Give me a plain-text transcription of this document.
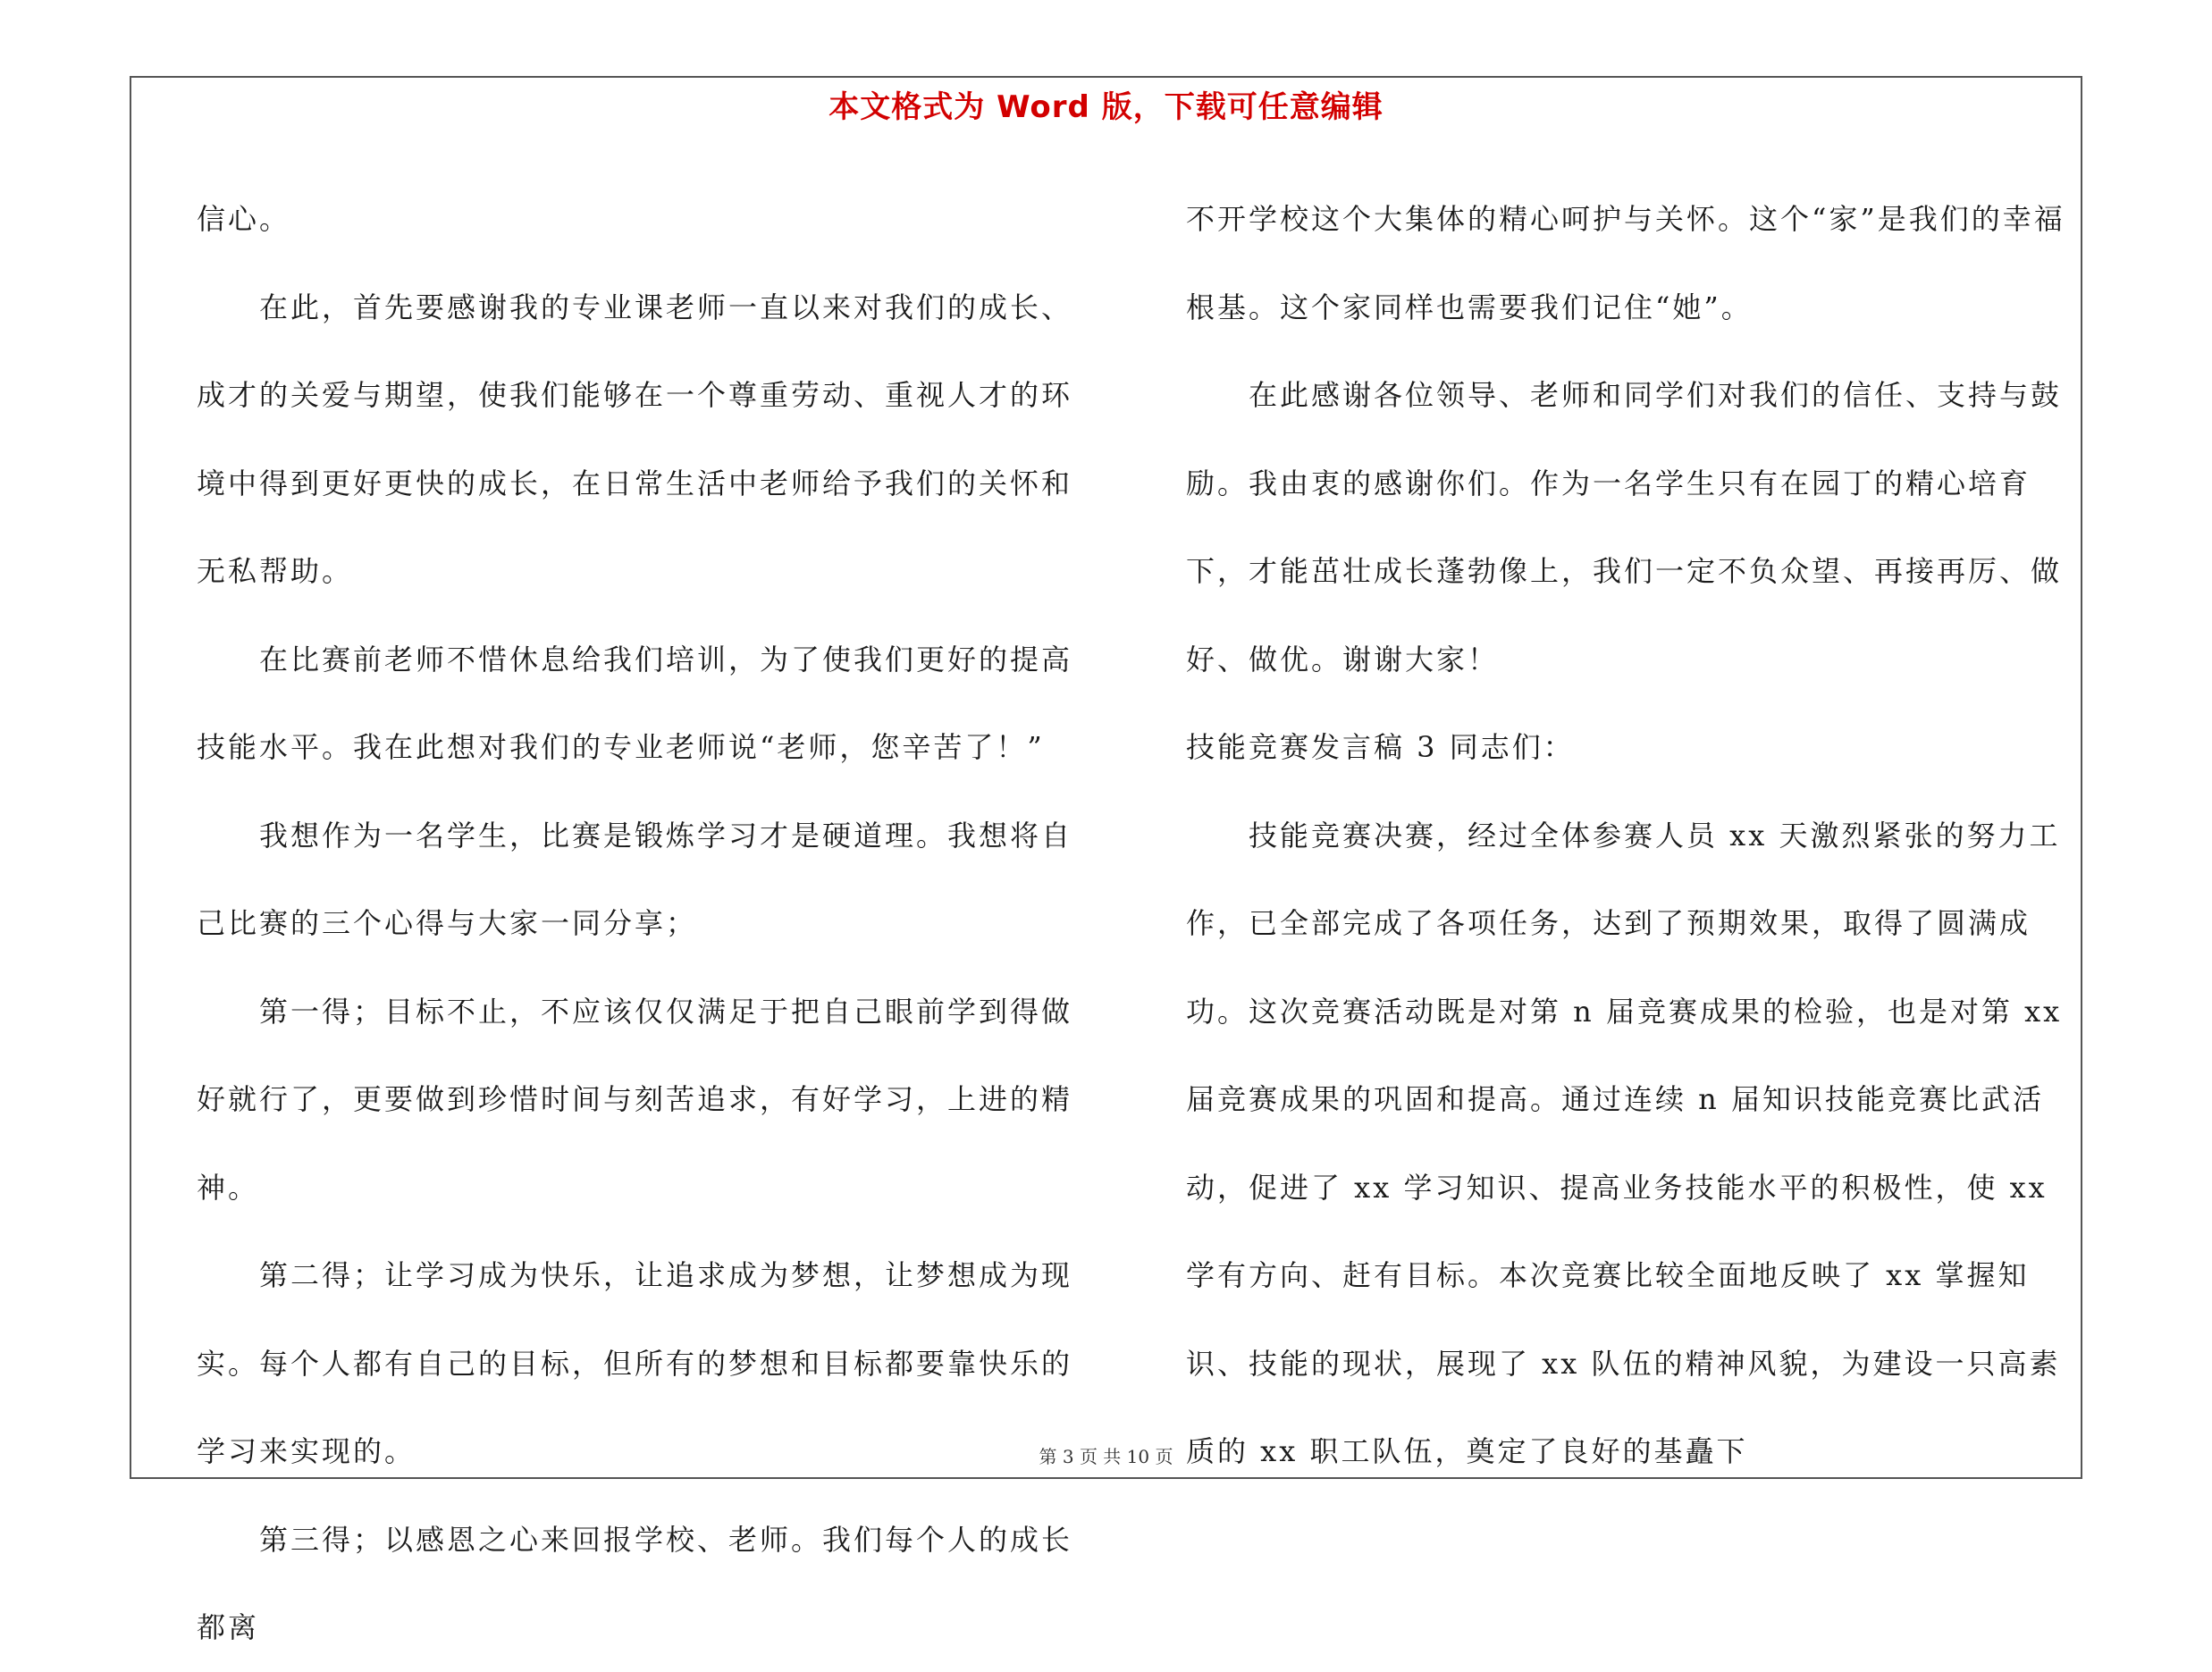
本文格式为 Word 版，下载可任意编辑

信心。

在此，首先要感谢我的专业课老师一直以来对我们的成长、成才的关爱与期望，使我们能够在一个尊重劳动、重视人才的环境中得到更好更快的成长，在日常生活中老师给予我们的关怀和无私帮助。

在比赛前老师不惜休息给我们培训，为了使我们更好的提高技能水平。我在此想对我们的专业老师说“老师，您辛苦了！”

我想作为一名学生，比赛是锻炼学习才是硬道理。我想将自己比赛的三个心得与大家一同分享；

第一得；目标不止，不应该仅仅满足于把自己眼前学到得做好就行了，更要做到珍惜时间与刻苦追求，有好学习，上进的精神。

第二得；让学习成为快乐，让追求成为梦想，让梦想成为现实。每个人都有自己的目标，但所有的梦想和目标都要靠快乐的学习来实现的。

第三得；以感恩之心来回报学校、老师。我们每个人的成长都离

不开学校这个大集体的精心呵护与关怀。这个“家”是我们的幸福根基。这个家同样也需要我们记住“她”。

在此感谢各位领导、老师和同学们对我们的信任、支持与鼓励。我由衷的感谢你们。作为一名学生只有在园丁的精心培育下，才能茁壮成长蓬勃像上，我们一定不负众望、再接再厉、做好、做优。谢谢大家！

技能竞赛发言稿 3 同志们：

技能竞赛决赛，经过全体参赛人员 xx 天激烈紧张的努力工作，已全部完成了各项任务，达到了预期效果，取得了圆满成功。这次竞赛活动既是对第 n 届竞赛成果的检验，也是对第 xx 届竞赛成果的巩固和提高。通过连续 n 届知识技能竞赛比武活动，促进了 xx 学习知识、提高业务技能水平的积极性，使 xx 学有方向、赶有目标。本次竞赛比较全面地反映了 xx 掌握知识、技能的现状，展现了 xx 队伍的精神风貌，为建设一只高素质的 xx 职工队伍，奠定了良好的基矗下

第 3 页 共 10 页
